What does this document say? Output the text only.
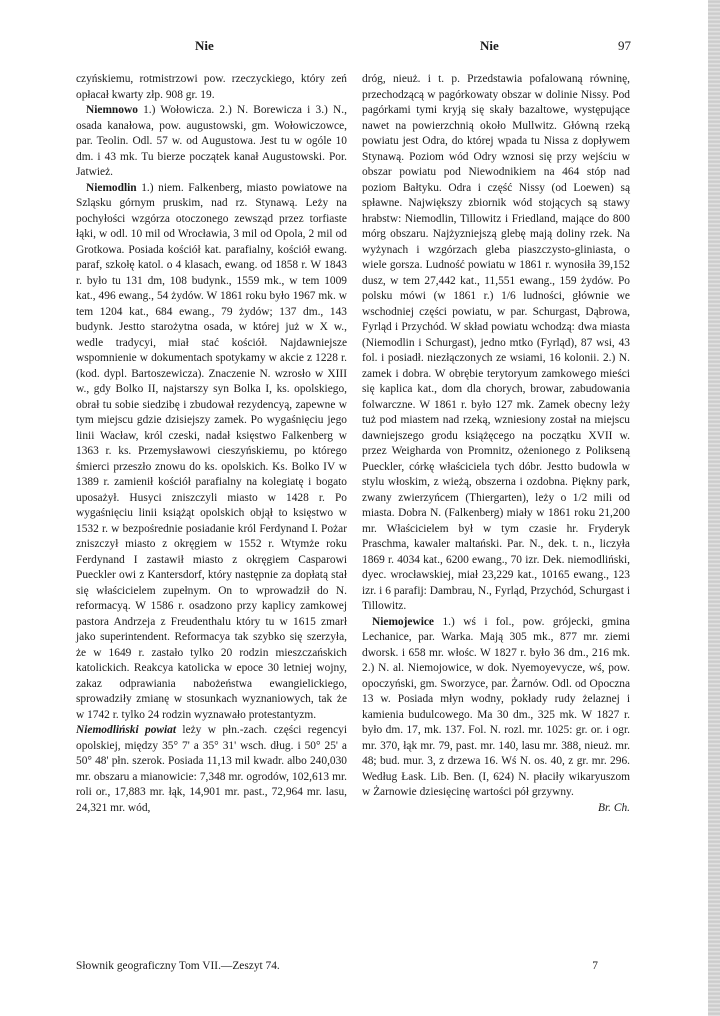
Nie	Nie	97

czyńskiemu, rotmistrzowi pow. rzeczyckiego, który zeń opłacał kwarty złp. 908 gr. 19.

Niemnowo 1.) Wołowicza. 2.) N. Borewicza i 3.) N., osada kanałowa, pow. augustowski, gm. Wołowiczowce, par. Teolin. Odl. 57 w. od Augustowa. Jest tu w ogóle 10 dm. i 43 mk. Tu bierze początek kanał Augustowski. Por. Jatwież.

Niemodlin 1.) niem. Falkenberg, miasto powiatowe na Szląsku górnym pruskim, nad rz. Stynawą. Leży na pochyłości wzgórza otoczonego zewsząd przez torfiaste łąki, w odl. 10 mil od Wrocławia, 3 mil od Opola, 2 mil od Grotkowa. Posiada kościół kat. parafialny, kościół ewang. paraf, szkołę katol. o 4 klasach, ewang. od 1858 r. W 1843 r. było tu 131 dm, 108 budynk., 1559 mk., w tem 1009 kat., 496 ewang., 54 żydów. W 1861 roku było 1967 mk. w tem 1204 kat., 684 ewang., 79 żydów; 137 dm., 143 budynk. Jestto starożytna osada, w której już w X w., wedle tradycyi, miał stać kościół. Najdawniejsze wspomnienie w dokumentach spotykamy w akcie z 1228 r. (kod. dypl. Bartoszewicza). Znaczenie N. wzrosło w XIII w., gdy Bolko II, najstarszy syn Bolka I, ks. opolskiego, obrał tu sobie siedzibę i zbudował rezydencyą, zapewne w tym miejscu gdzie dzisiejszy zamek. Po wygaśnięciu jego linii Wacław, król czeski, nadał księstwo Falkenberg w 1363 r. ks. Przemysławowi cieszyńskiemu, po którego śmierci przeszło znowu do ks. opolskich. Ks. Bolko IV w 1389 r. zamienił kościół parafialny na kolegiatę i bogato uposażył. Husyci zniszczyli miasto w 1428 r. Po wygaśnięciu linii książąt opolskich objął to księstwo w 1532 r. w bezpośrednie posiadanie król Ferdynand I. Pożar zniszczył miasto z okręgiem w 1552 r. Wtymże roku Ferdynand I zastawił miasto z okręgiem Casparowi Pueckler owi z Kantersdorf, który następnie za dopłatą stał się właścicielem zupełnym. On to wprowadził do N. reformacyą. W 1586 r. osadzono przy kaplicy zamkowej pastora Andrzeja z Freudenthalu który tu w 1615 zmarł jako superintendent. Reformacya tak szybko się szerzyła, że w 1649 r. zastało tylko 20 rodzin mieszczańskich katolickich. Reakcya katolicka w epoce 30 letniej wojny, zakaz odprawiania nabożeństwa ewangielickiego, sprowadziły zmianę w stosunkach wyznaniowych, tak że w 1742 r. tylko 24 rodzin wyznawało protestantyzm.

Niemodliński powiat leży w płn.-zach. części regencyi opolskiej, między 35° 7' a 35° 31' wsch. dług. i 50° 25' a 50° 48' płn. szerok. Posiada 11,13 mil kwadr. albo 240,030 mr. obszaru a mianowicie: 7,348 mr. ogrodów, 102,613 mr. roli or., 17,883 mr. łąk, 14,901 mr. past., 72,964 mr. lasu, 24,321 mr. wód,

dróg, nieuż. i t. p. Przedstawia pofalowaną równinę, przechodzącą w pagórkowaty obszar w dolinie Nissy. Pod pagórkami tymi kryją się skały bazaltowe, występujące nawet na powierzchnią około Mullwitz. Główną rzeką powiatu jest Odra, do której wpada tu Nissa z dopływem Stynawą. Poziom wód Odry wznosi się przy wejściu w obszar powiatu pod Niewodnikiem na 464 stóp nad poziom Bałtyku. Odra i część Nissy (od Loewen) są spławne. Największy zbiornik wód stojących są stawy hrabstw: Niemodlin, Tillowitz i Friedland, mające do 800 mórg obszaru. Najżyzniejszą glebę mają doliny rzek. Na wyżynach i wzgórzach gleba piaszczysto-gliniasta, o wiele gorsza. Ludność powiatu w 1861 r. wynosiła 39,152 dusz, w tem 27,442 kat., 11,551 ewang., 159 żydów. Po polsku mówi (w 1861 r.) 1/6 ludności, głównie we wschodniej części powiatu, w par. Schurgast, Dąbrowa, Fyrląd i Przychód. W skład powiatu wchodzą: dwa miasta (Niemodlin i Schurgast), jedno mtko (Fyrląd), 87 wsi, 43 fol. i posiadł. niezłączonych ze wsiami, 16 kolonii. 2.) N. zamek i dobra. W obrębie terytoryum zamkowego mieści się kaplica kat., dom dla chorych, browar, zabudowania folwarczne. W 1861 r. było 127 mk. Zamek obecny leży tuż pod miastem nad rzeką, wzniesiony został na miejscu dawniejszego grodu książęcego na początku XVII w. przez Weigharda von Promnitz, ożenionego z Polikseną Pueckler, córkę właściciela tych dóbr. Jestto budowla w stylu włoskim, z wieżą, obszerna i ozdobna. Piękny park, zwany zwierzyńcem (Thiergarten), leży o 1/2 mili od miasta. Dobra N. (Falkenberg) miały w 1861 roku 21,200 mr. Właścicielem był w tym czasie hr. Fryderyk Praschma, kawaler maltański. Par. N., dek. t. n., liczyła 1869 r. 4034 kat., 6200 ewang., 70 izr. Dek. niemodliński, dyec. wrocławskiej, miał 23,229 kat., 10165 ewang., 123 izr. i 6 parafij: Dambrau, N., Fyrląd, Przychód, Schurgast i Tillowitz.

Niemojewice 1.) wś i fol., pow. grójecki, gmina Lechanice, par. Warka. Mają 305 mk., 877 mr. ziemi dworsk. i 658 mr. włośc. W 1827 r. było 36 dm., 216 mk. 2.) N. al. Niemojowice, w dok. Nyemoyevycze, wś, pow. opoczyński, gm. Sworzyce, par. Żarnów. Odl. od Opoczna 13 w. Posiada młyn wodny, pokłady rudy żelaznej i kamienia budulcowego. Ma 30 dm., 325 mk. W 1827 r. było dm. 17, mk. 137. Fol. N. rozl. mr. 1025: gr. or. i ogr. mr. 370, łąk mr. 79, past. mr. 140, lasu mr. 388, nieuż. mr. 48; bud. mur. 3, z drzewa 16. Wś N. os. 40, z gr. mr. 296. Według Łask. Lib. Ben. (I, 624) N. płaciły wikaryuszom w Żarnowie dziesięcinę wartości pół grzywny.

Br. Ch.
Słownik geograficzny Tom VII.—Zeszyt 74.	7
